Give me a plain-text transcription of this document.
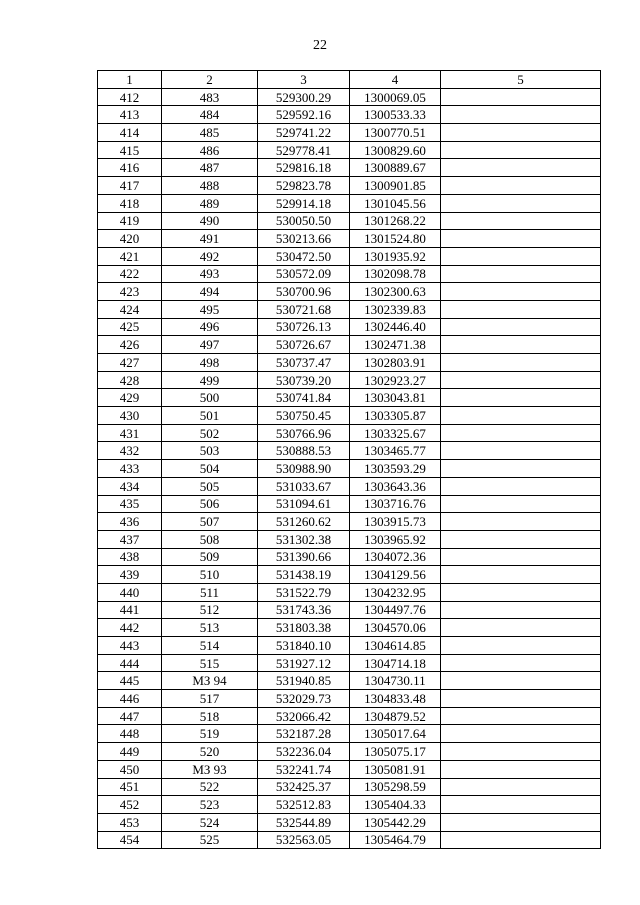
22
1	2	3	4	5
412	483	529300.29	1300069.05	
413	484	529592.16	1300533.33	
414	485	529741.22	1300770.51	
415	486	529778.41	1300829.60	
416	487	529816.18	1300889.67	
417	488	529823.78	1300901.85	
418	489	529914.18	1301045.56	
419	490	530050.50	1301268.22	
420	491	530213.66	1301524.80	
421	492	530472.50	1301935.92	
422	493	530572.09	1302098.78	
423	494	530700.96	1302300.63	
424	495	530721.68	1302339.83	
425	496	530726.13	1302446.40	
426	497	530726.67	1302471.38	
427	498	530737.47	1302803.91	
428	499	530739.20	1302923.27	
429	500	530741.84	1303043.81	
430	501	530750.45	1303305.87	
431	502	530766.96	1303325.67	
432	503	530888.53	1303465.77	
433	504	530988.90	1303593.29	
434	505	531033.67	1303643.36	
435	506	531094.61	1303716.76	
436	507	531260.62	1303915.73	
437	508	531302.38	1303965.92	
438	509	531390.66	1304072.36	
439	510	531438.19	1304129.56	
440	511	531522.79	1304232.95	
441	512	531743.36	1304497.76	
442	513	531803.38	1304570.06	
443	514	531840.10	1304614.85	
444	515	531927.12	1304714.18	
445	МЗ 94	531940.85	1304730.11	
446	517	532029.73	1304833.48	
447	518	532066.42	1304879.52	
448	519	532187.28	1305017.64	
449	520	532236.04	1305075.17	
450	МЗ 93	532241.74	1305081.91	
451	522	532425.37	1305298.59	
452	523	532512.83	1305404.33	
453	524	532544.89	1305442.29	
454	525	532563.05	1305464.79	
